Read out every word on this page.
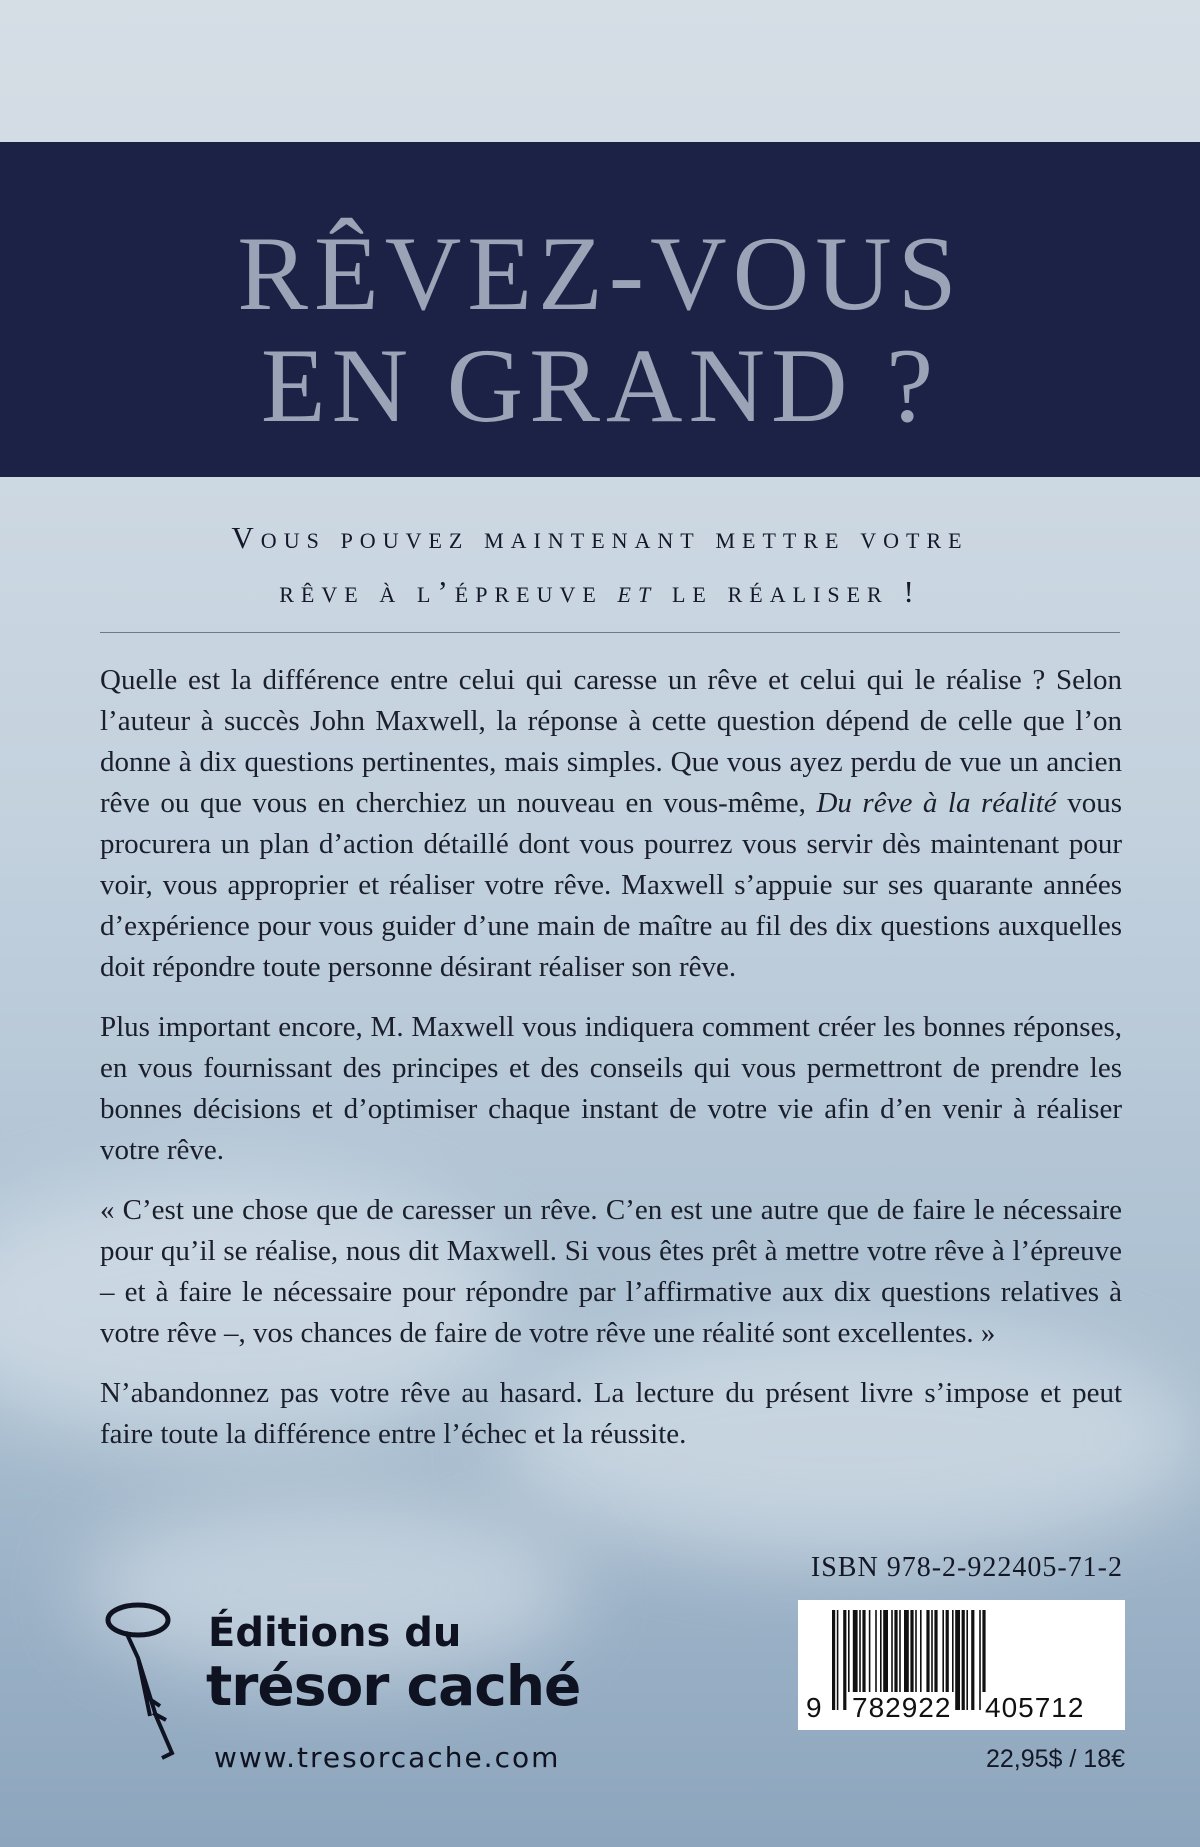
RÊVEZ-VOUS
EN GRAND ?
Vous pouvez maintenant mettre votre
rêve à l’épreuve et le réaliser !

Quelle est la différence entre celui qui caresse un rêve et celui qui le réalise ? Selon l’auteur à succès John Maxwell, la réponse à cette question dépend de celle que l’on donne à dix questions pertinentes, mais simples. Que vous ayez perdu de vue un ancien rêve ou que vous en cherchiez un nouveau en vous-même, Du rêve à la réalité vous procurera un plan d’action détaillé dont vous pourrez vous servir dès maintenant pour voir, vous approprier et réaliser votre rêve. Maxwell s’appuie sur ses quarante années d’expérience pour vous guider d’une main de maître au fil des dix questions auxquelles doit répondre toute personne désirant réaliser son rêve.

Plus important encore, M. Maxwell vous indiquera comment créer les bonnes réponses, en vous fournissant des principes et des conseils qui vous permettront de prendre les bonnes décisions et d’optimiser chaque instant de votre vie afin d’en venir à réaliser votre rêve.

« C’est une chose que de caresser un rêve. C’en est une autre que de faire le nécessaire pour qu’il se réalise, nous dit Maxwell. Si vous êtes prêt à mettre votre rêve à l’épreuve – et à faire le nécessaire pour répondre par l’affirmative aux dix questions relatives à votre rêve –, vos chances de faire de votre rêve une réalité sont excellentes. »

N’abandonnez pas votre rêve au hasard. La lecture du présent livre s’impose et peut faire toute la différence entre l’échec et la réussite.

ISBN 978-2-922405-71-2
9 782922 405712
22,95$ / 18€
Éditions du
trésor caché
www.tresorcache.com
